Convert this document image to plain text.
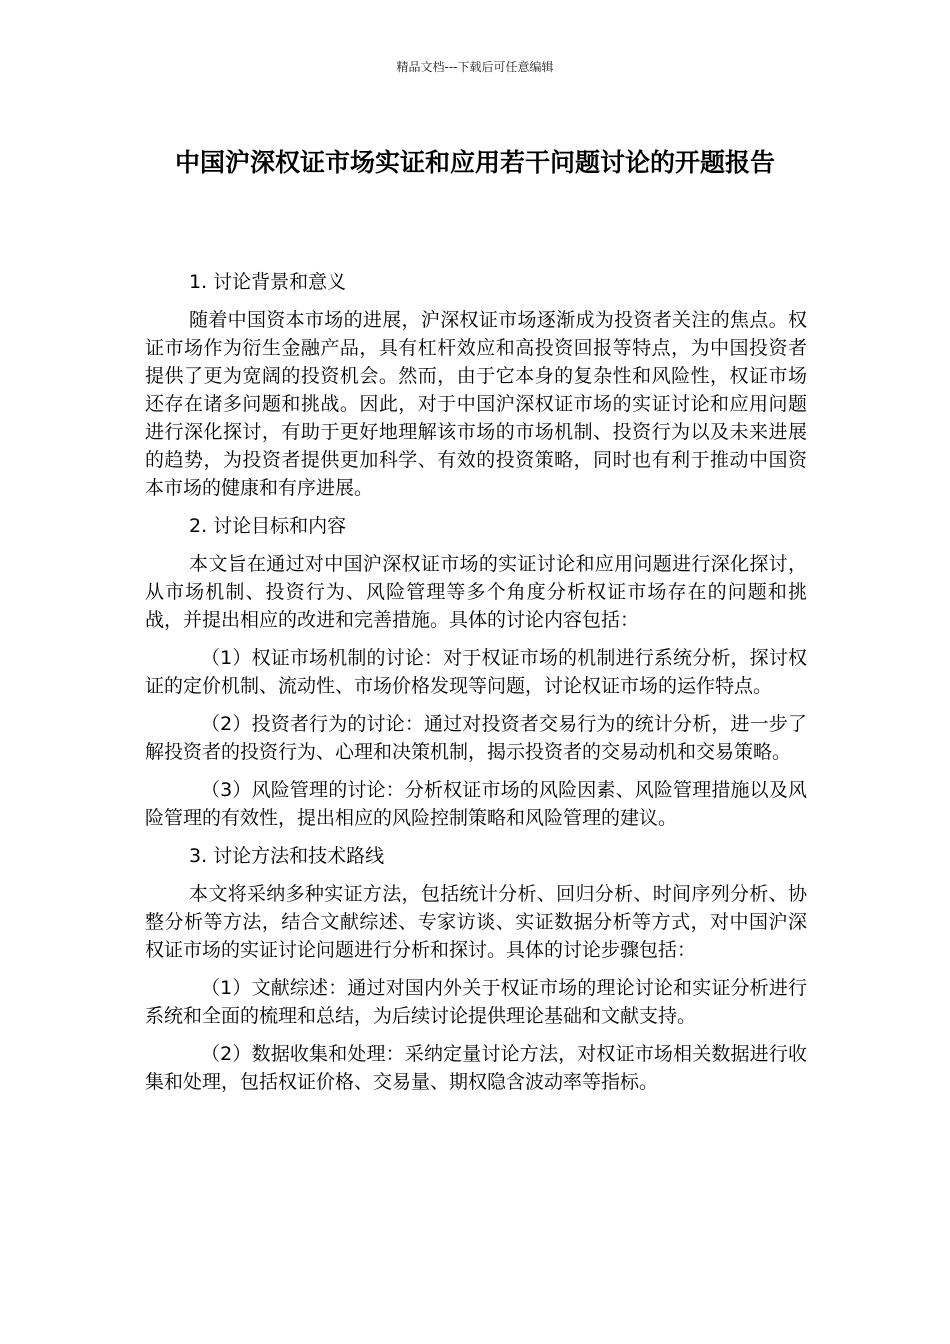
精品文档---下载后可任意编辑
中国沪深权证市场实证和应用若干问题讨论的开题报告

1. 讨论背景和意义

随着中国资本市场的进展，沪深权证市场逐渐成为投资者关注的焦点。权证市场作为衍生金融产品，具有杠杆效应和高投资回报等特点，为中国投资者提供了更为宽阔的投资机会。然而，由于它本身的复杂性和风险性，权证市场还存在诸多问题和挑战。因此，对于中国沪深权证市场的实证讨论和应用问题进行深化探讨，有助于更好地理解该市场的市场机制、投资行为以及未来进展的趋势，为投资者提供更加科学、有效的投资策略，同时也有利于推动中国资本市场的健康和有序进展。

2. 讨论目标和内容

本文旨在通过对中国沪深权证市场的实证讨论和应用问题进行深化探讨，从市场机制、投资行为、风险管理等多个角度分析权证市场存在的问题和挑战，并提出相应的改进和完善措施。具体的讨论内容包括：

（1）权证市场机制的讨论：对于权证市场的机制进行系统分析，探讨权证的定价机制、流动性、市场价格发现等问题，讨论权证市场的运作特点。

（2）投资者行为的讨论：通过对投资者交易行为的统计分析，进一步了解投资者的投资行为、心理和决策机制，揭示投资者的交易动机和交易策略。

（3）风险管理的讨论：分析权证市场的风险因素、风险管理措施以及风险管理的有效性，提出相应的风险控制策略和风险管理的建议。

3. 讨论方法和技术路线

本文将采纳多种实证方法，包括统计分析、回归分析、时间序列分析、协整分析等方法，结合文献综述、专家访谈、实证数据分析等方式，对中国沪深权证市场的实证讨论问题进行分析和探讨。具体的讨论步骤包括：

（1）文献综述：通过对国内外关于权证市场的理论讨论和实证分析进行系统和全面的梳理和总结，为后续讨论提供理论基础和文献支持。

（2）数据收集和处理：采纳定量讨论方法，对权证市场相关数据进行收集和处理，包括权证价格、交易量、期权隐含波动率等指标。
